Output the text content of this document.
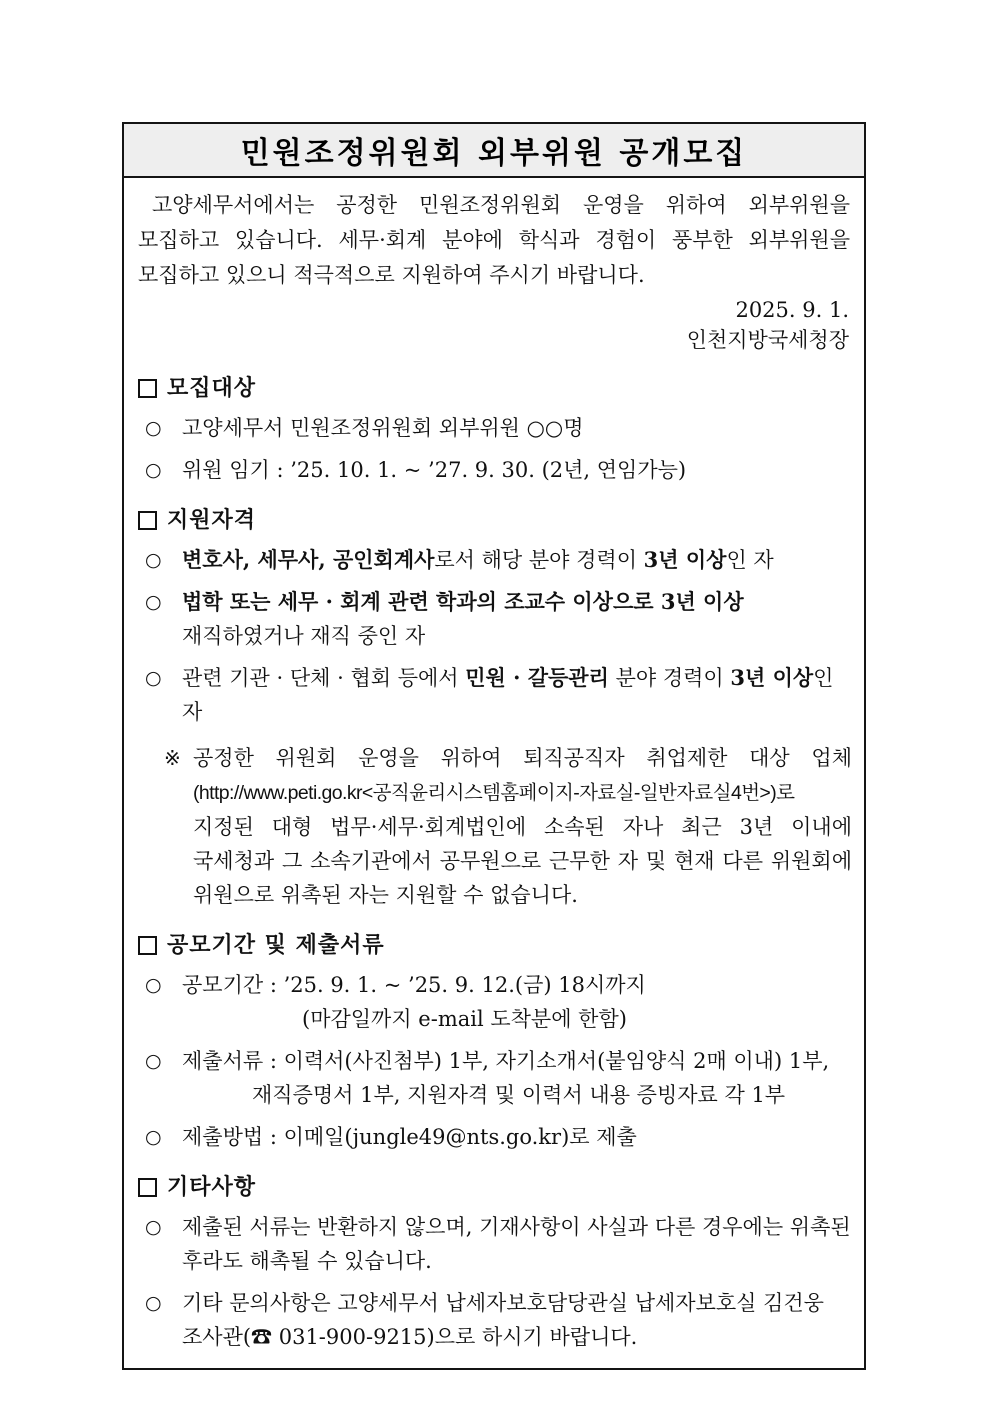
민원조정위원회 외부위원 공개모집

고양세무서에서는 공정한 민원조정위원회 운영을 위하여 외부위원을 모집하고 있습니다. 세무·회계 분야에 학식과 경험이 풍부한 외부위원을 모집하고 있으니 적극적으로 지원하여 주시기 바랍니다.

2025. 9. 1.
인천지방국세청장
모집대상
○ 고양세무서 민원조정위원회 외부위원 ○○명
○ 위원 임기 : ’25. 10. 1. ~ ’27. 9. 30. (2년, 연임가능)
지원자격
○ 변호사, 세무사, 공인회계사로서 해당 분야 경력이 3년 이상인 자
○ 법학 또는 세무 · 회계 관련 학과의 조교수 이상으로 3년 이상 재직하였거나 재직 중인 자
○ 관련 기관 · 단체 · 협회 등에서 민원 · 갈등관리 분야 경력이 3년 이상인 자
※ 공정한 위원회 운영을 위하여 퇴직공직자 취업제한 대상 업체 (http://www.peti.go.kr<공직윤리시스템홈페이지-자료실-일반자료실4번>)로 지정된 대형 법무·세무·회계법인에 소속된 자나 최근 3년 이내에 국세청과 그 소속기관에서 공무원으로 근무한 자 및 현재 다른 위원회에 위원으로 위촉된 자는 지원할 수 없습니다.
공모기간 및 제출서류
○ 공모기간 : ’25. 9. 1. ~ ’25. 9. 12.(금) 18시까지
(마감일까지 e-mail 도착분에 한함)
○ 제출서류 : 이력서(사진첨부) 1부, 자기소개서(붙임양식 2매 이내) 1부,
재직증명서 1부, 지원자격 및 이력서 내용 증빙자료 각 1부
○ 제출방법 : 이메일(jungle49@nts.go.kr)로 제출
기타사항
○ 제출된 서류는 반환하지 않으며, 기재사항이 사실과 다른 경우에는 위촉된 후라도 해촉될 수 있습니다.
○ 기타 문의사항은 고양세무서 납세자보호담당관실 납세자보호실 김건웅 조사관(☎ 031-900-9215)으로 하시기 바랍니다.
